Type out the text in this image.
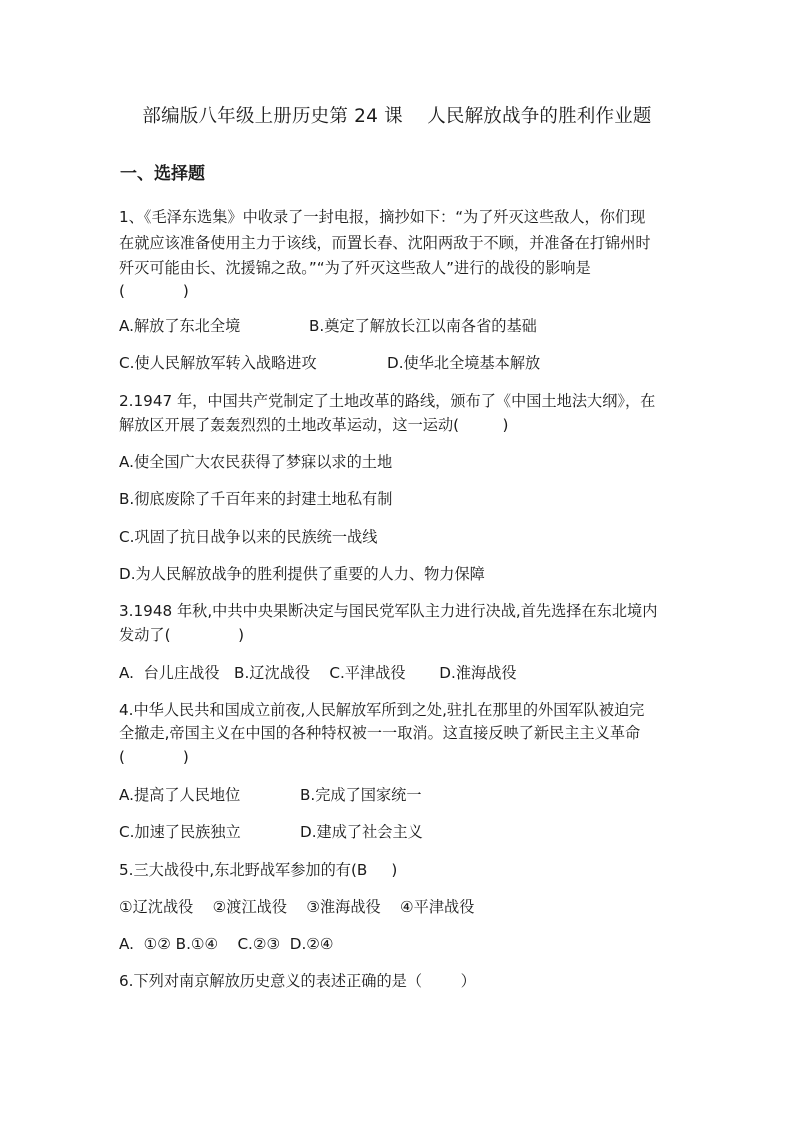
部编版八年级上册历史第 24 课    人民解放战争的胜利作业题
一、选择题
1、《毛泽东选集》中收录了一封电报，摘抄如下：“为了歼灭这些敌人，你们现
在就应该准备使用主力于该线，而置长春、沈阳两敌于不顾，并准备在打锦州时
歼灭可能由长、沈援锦之敌。”“为了歼灭这些敌人”进行的战役的影响是
(            )
A.解放了东北全境	B.奠定了解放长江以南各省的基础
C.使人民解放军转入战略进攻	D.使华北全境基本解放
2.1947 年，中国共产党制定了土地改革的路线，颁布了《中国土地法大纲》，在
解放区开展了轰轰烈烈的土地改革运动，这一运动(         )
A.使全国广大农民获得了梦寐以求的土地
B.彻底废除了千百年来的封建土地私有制
C.巩固了抗日战争以来的民族统一战线
D.为人民解放战争的胜利提供了重要的人力、物力保障
3.1948 年秋,中共中央果断决定与国民党军队主力进行决战,首先选择在东北境内
发动了(              )
A.  台儿庄战役   B.辽沈战役    C.平津战役       D.淮海战役
4.中华人民共和国成立前夜,人民解放军所到之处,驻扎在那里的外国军队被迫完
全撤走,帝国主义在中国的各种特权被一一取消。这直接反映了新民主主义革命
(            )
A.提高了人民地位	B.完成了国家统一
C.加速了民族独立	D.建成了社会主义
5.三大战役中,东北野战军参加的有(B     )
①辽沈战役    ②渡江战役    ③淮海战役    ④平津战役
A.  ①② B.①④    C.②③  D.②④
6.下列对南京解放历史意义的表述正确的是（        ）
